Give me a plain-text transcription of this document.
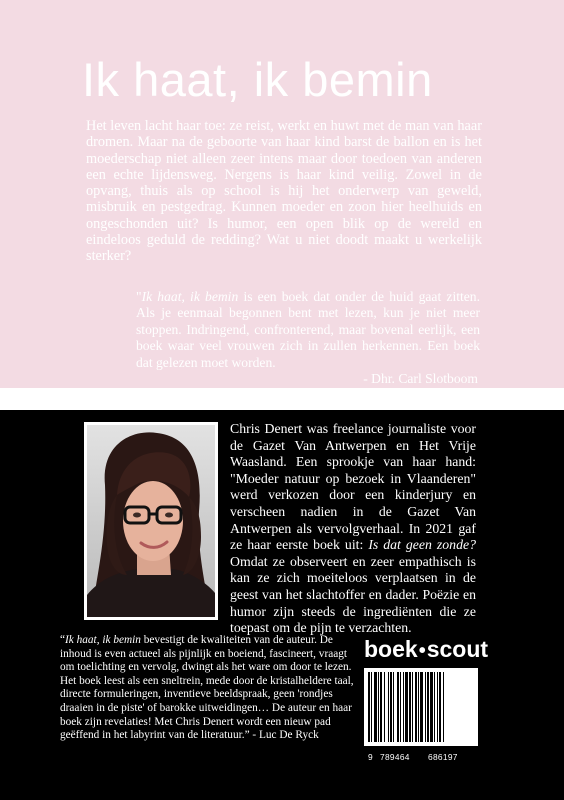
Ik haat, ik bemin
Het leven lacht haar toe: ze reist, werkt en huwt met de man van haar dromen. Maar na de geboorte van haar kind barst de ballon en is het moederschap niet alleen zeer intens maar door toedoen van anderen een echte lijdensweg. Nergens is haar kind veilig. Zowel in de opvang, thuis als op school is hij het onderwerp van geweld, misbruik en pestgedrag. Kunnen moeder en zoon hier heelhuids en ongeschonden uit? Is humor, een open blik op de wereld en eindeloos geduld de redding? Wat u niet doodt maakt u werkelijk sterker?

"Ik haat, ik bemin is een boek dat onder de huid gaat zitten. Als je eenmaal begonnen bent met lezen, kun je niet meer stoppen. Indringend, confronterend, maar bovenal eerlijk, een boek waar veel vrouwen zich in zullen herkennen. Een boek dat gelezen moet worden.

- Dhr. Carl Slotboom

Chris Denert was freelance journaliste voor de Gazet Van Antwerpen en Het Vrije Waasland. Een sprookje van haar hand: "Moeder natuur op bezoek in Vlaanderen" werd verkozen door een kinderjury en verscheen nadien in de Gazet Van Antwerpen als vervolgverhaal. In 2021 gaf ze haar eerste boek uit: Is dat geen zonde? Omdat ze observeert en zeer empathisch is kan ze zich moeiteloos verplaatsen in de geest van het slachtoffer en dader. Poëzie en humor zijn steeds de ingrediënten die ze toepast om de pijn te verzachten.
“Ik haat, ik bemin bevestigt de kwaliteiten van de auteur. De inhoud is even actueel als pijnlijk en boeiend, fascineert, vraagt om toelichting en vervolg, dwingt als het ware om door te lezen. Het boek leest als een sneltrein, mede door de kristalheldere taal, directe formuleringen, inventieve beeldspraak, geen 'rondjes draaien in de piste' of barokke uitweidingen… De auteur en haar boek zijn revelaties! Met Chris Denert wordt een nieuw pad geëffend in het labyrint van de literatuur.” - Luc De Ryck
boek•scout
9 789464 686197
